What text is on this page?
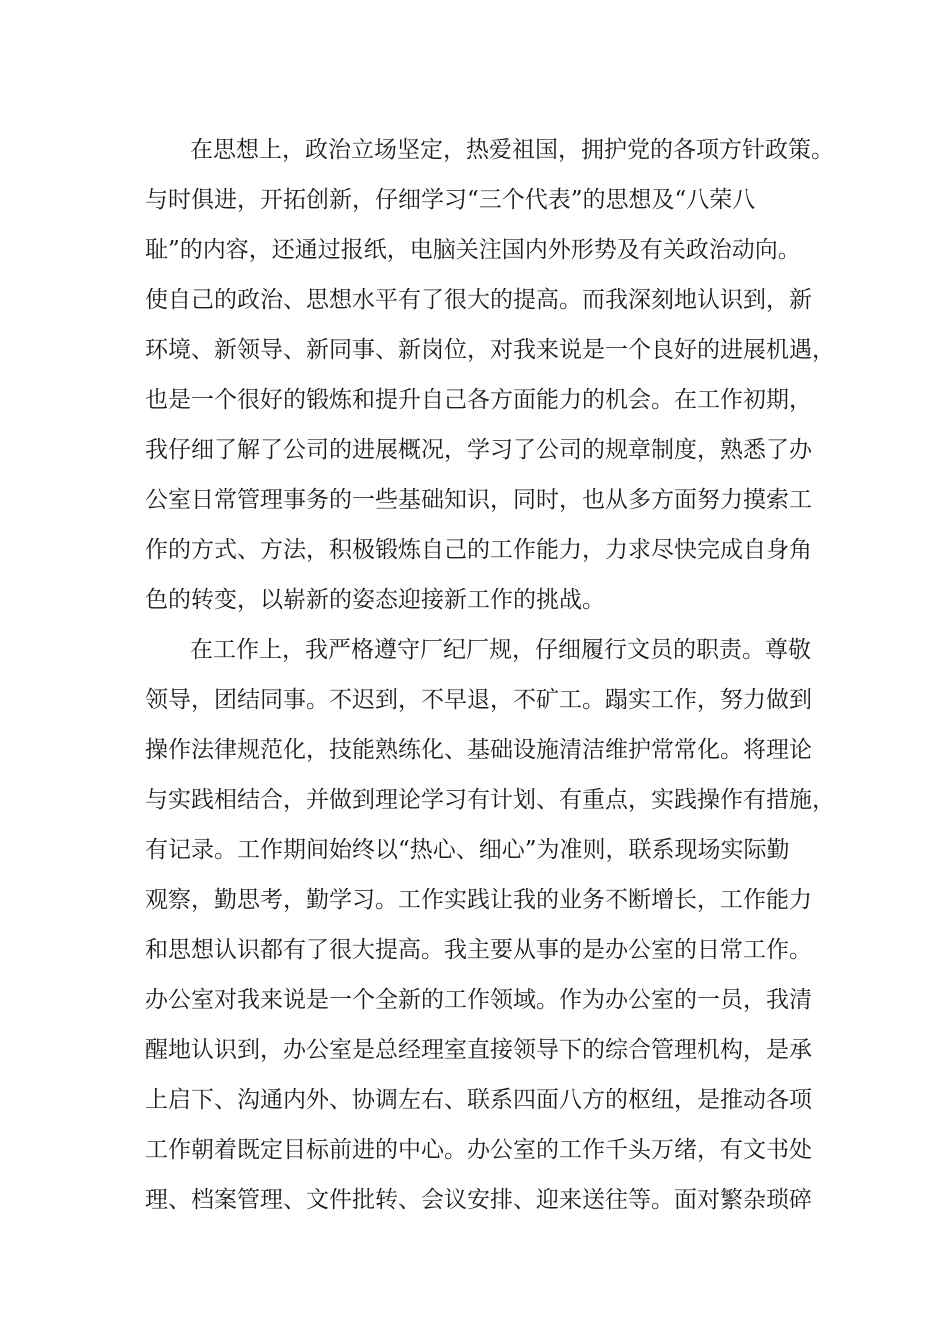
在思想上，政治立场坚定，热爱祖国，拥护党的各项方针政策。
与时俱进，开拓创新，仔细学习“三个代表”的思想及“八荣八
耻”的内容，还通过报纸，电脑关注国内外形势及有关政治动向。
使自己的政治、思想水平有了很大的提高。而我深刻地认识到，新
环境、新领导、新同事、新岗位，对我来说是一个良好的进展机遇，
也是一个很好的锻炼和提升自己各方面能力的机会。在工作初期，
我仔细了解了公司的进展概况，学习了公司的规章制度，熟悉了办
公室日常管理事务的一些基础知识，同时，也从多方面努力摸索工
作的方式、方法，积极锻炼自己的工作能力，力求尽快完成自身角
色的转变，以崭新的姿态迎接新工作的挑战。
在工作上，我严格遵守厂纪厂规，仔细履行文员的职责。尊敬
领导，团结同事。不迟到，不早退，不矿工。蹋实工作，努力做到
操作法律规范化，技能熟练化、基础设施清洁维护常常化。将理论
与实践相结合，并做到理论学习有计划、有重点，实践操作有措施，
有记录。工作期间始终以“热心、细心”为准则，联系现场实际勤
观察，勤思考，勤学习。工作实践让我的业务不断增长，工作能力
和思想认识都有了很大提高。我主要从事的是办公室的日常工作。
办公室对我来说是一个全新的工作领域。作为办公室的一员，我清
醒地认识到，办公室是总经理室直接领导下的综合管理机构，是承
上启下、沟通内外、协调左右、联系四面八方的枢纽，是推动各项
工作朝着既定目标前进的中心。办公室的工作千头万绪，有文书处
理、档案管理、文件批转、会议安排、迎来送往等。面对繁杂琐碎
